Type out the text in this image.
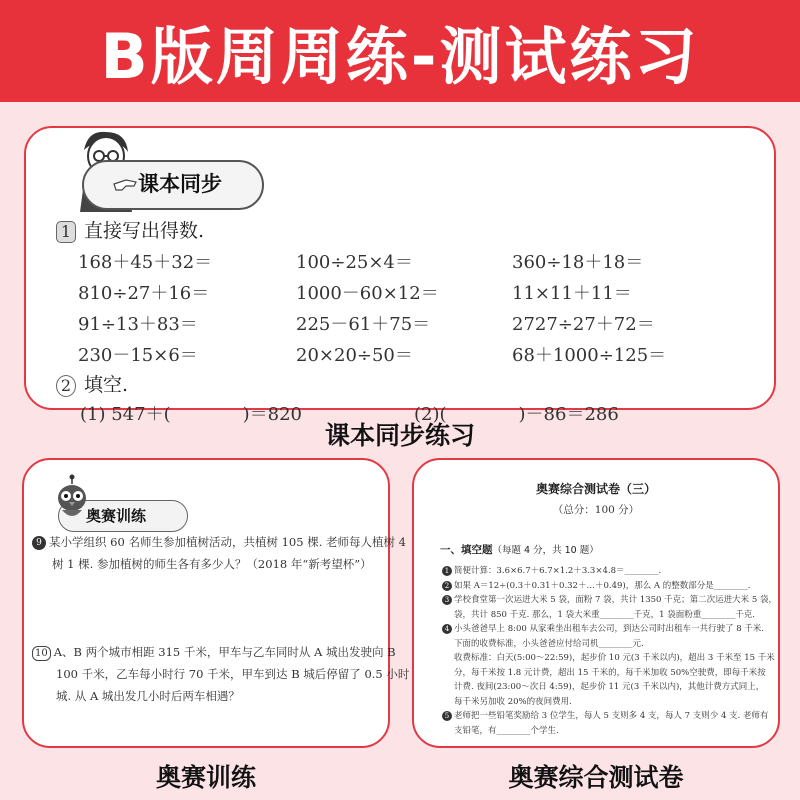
B版周周练-测试练习
课本同步
1 直接写出得数.
168＋45＋32＝	100÷25×4＝	360÷18＋18＝
810÷27＋16＝	1000－60×12＝	11×11＋11＝
91÷13＋83＝	225－61＋75＝	2727÷27＋72＝
230－15×6＝	20×20÷50＝	68＋1000÷125＝
2 填空.
(1) 547＋(　　　　)＝820	(2)(　　　　)－86＝286
课本同步练习
奥赛训练
9 某小学组织 60 名师生参加植树活动，共植树 105 棵. 老师每人植树 4
树 1 棵. 参加植树的师生各有多少人？（2018 年“新考望杯”）
10 A、B 两个城市相距 315 千米，甲车与乙车同时从 A 城出发驶向 B
100 千米，乙车每小时行 70 千米，甲车到达 B 城后停留了 0.5 小时
城. 从 A 城出发几小时后两车相遇？
奥赛训练
奥赛综合测试卷（三）
（总分：100 分）
一、填空题（每题 4 分，共 10 题）
1 简便计算：3.6×6.7＋6.7×1.2＋3.3×4.8＝________.
2 如果 A＝12÷(0.3＋0.31＋0.32＋…＋0.49)，那么 A 的整数部分是________.
3 学校食堂第一次运进大米 5 袋，面粉 7 袋，共计 1350 千克；第二次运进大米 5 袋，
袋，共计 850 千克. 那么，1 袋大米重________千克，1 袋面粉重________千克.
4 小头爸爸早上 8:00 从家乘坐出租车去公司，到达公司时出租车一共行驶了 8 千米.
下面的收费标准，小头爸爸应付给司机________元.
收费标准：白天(5:00～22:59)，起步价 10 元(3 千米以内)，超出 3 千米至 15 千米
分，每千米按 1.8 元计费，超出 15 千米的，每千米加收 50%空驶费，即每千米按
计费. 夜间(23:00～次日 4:59)，起步价 11 元(3 千米以内)，其他计费方式同上，
每千米另加收 20%的夜间费用.
5 老师把一些铅笔奖励给 3 位学生，每人 5 支则多 4 支，每人 7 支则少 4 支. 老师有
支铅笔，有________个学生.
奥赛综合测试卷
